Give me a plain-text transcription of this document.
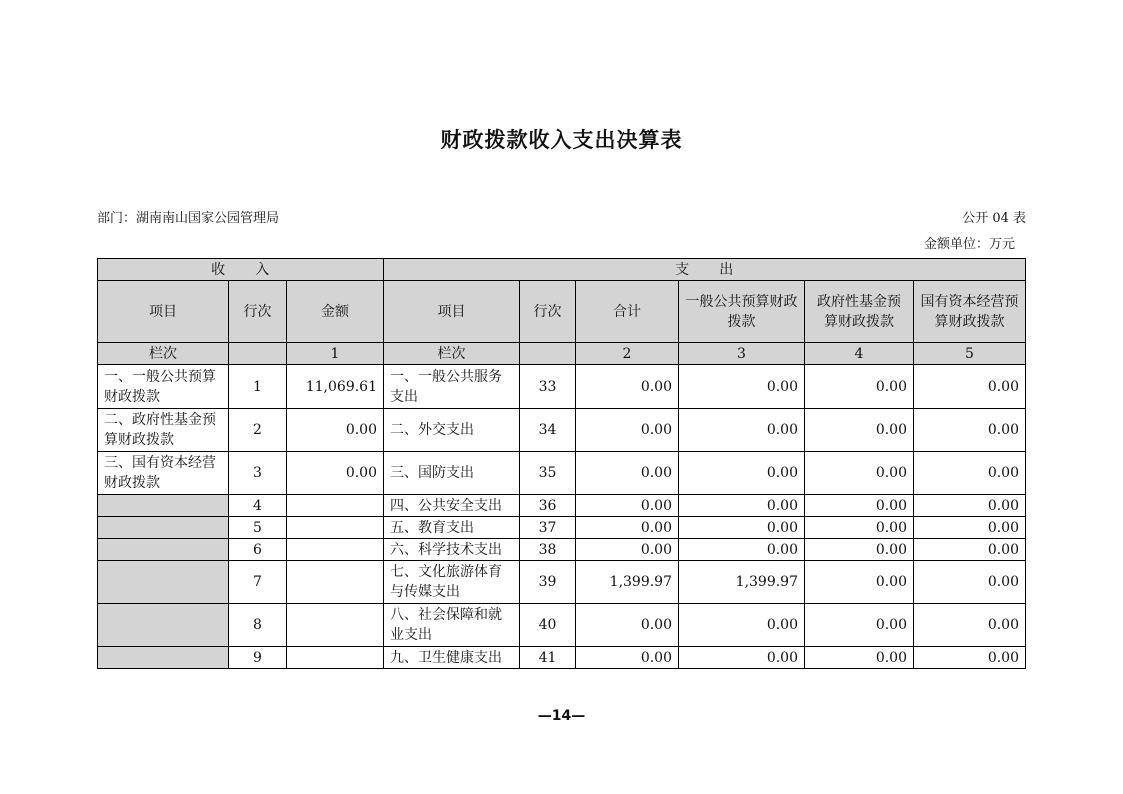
财政拨款收入支出决算表
部门：湖南南山国家公园管理局	公开 04 表
金额单位：万元
收　　入			支　　出					
项目	行次	金额	项目	行次	合计	一般公共预算财政拨款	政府性基金预算财政拨款	国有资本经营预算财政拨款
栏次		1	栏次		2	3	4	5
一、一般公共预算财政拨款	1	11,069.61	一、一般公共服务支出	33	0.00	0.00	0.00	0.00
二、政府性基金预算财政拨款	2	0.00	二、外交支出	34	0.00	0.00	0.00	0.00
三、国有资本经营财政拨款	3	0.00	三、国防支出	35	0.00	0.00	0.00	0.00
	4		四、公共安全支出	36	0.00	0.00	0.00	0.00
	5		五、教育支出	37	0.00	0.00	0.00	0.00
	6		六、科学技术支出	38	0.00	0.00	0.00	0.00
	7		七、文化旅游体育与传媒支出	39	1,399.97	1,399.97	0.00	0.00
	8		八、社会保障和就业支出	40	0.00	0.00	0.00	0.00
	9		九、卫生健康支出	41	0.00	0.00	0.00	0.00
—14—
